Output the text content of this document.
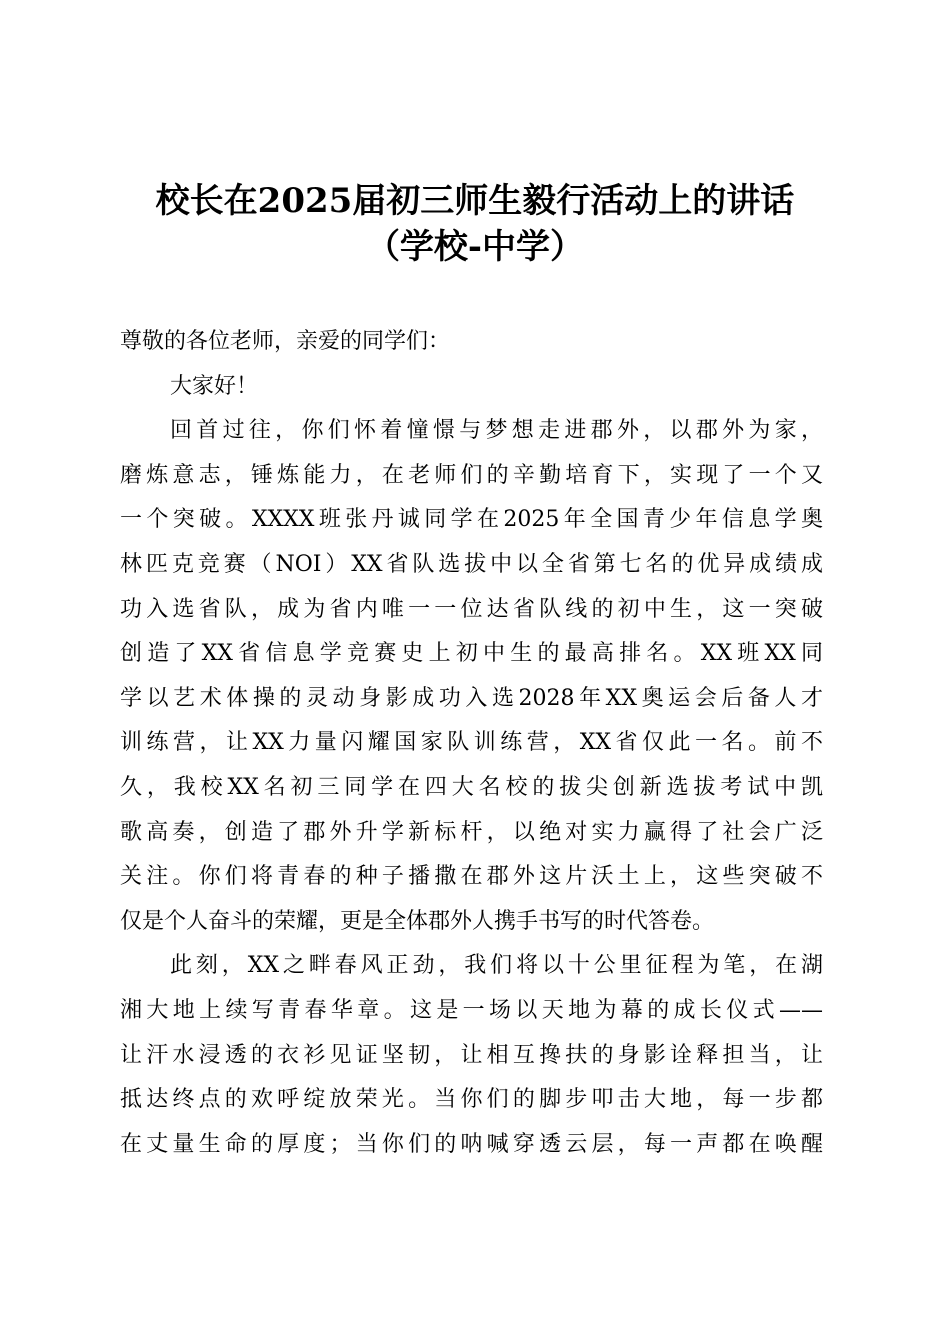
校长在2025届初三师生毅行活动上的讲话
（学校-中学）

尊敬的各位老师，亲爱的同学们：

大家好！

回首过往，你们怀着憧憬与梦想走进郡外，以郡外为家，
磨炼意志，锤炼能力，在老师们的辛勤培育下，实现了一个又
一个突破。XXXX班张丹诚同学在2025年全国青少年信息学奥
林匹克竞赛（NOI）XX省队选拔中以全省第七名的优异成绩成
功入选省队，成为省内唯一一位达省队线的初中生，这一突破
创造了XX省信息学竞赛史上初中生的最高排名。XX班XX同
学以艺术体操的灵动身影成功入选2028年XX奥运会后备人才
训练营，让XX力量闪耀国家队训练营，XX省仅此一名。前不
久，我校XX名初三同学在四大名校的拔尖创新选拔考试中凯
歌高奏，创造了郡外升学新标杆，以绝对实力赢得了社会广泛
关注。你们将青春的种子播撒在郡外这片沃土上，这些突破不
仅是个人奋斗的荣耀，更是全体郡外人携手书写的时代答卷。

此刻，XX之畔春风正劲，我们将以十公里征程为笔，在湖
湘大地上续写青春华章。这是一场以天地为幕的成长仪式——
让汗水浸透的衣衫见证坚韧，让相互搀扶的身影诠释担当，让
抵达终点的欢呼绽放荣光。当你们的脚步叩击大地，每一步都
在丈量生命的厚度；当你们的呐喊穿透云层，每一声都在唤醒
